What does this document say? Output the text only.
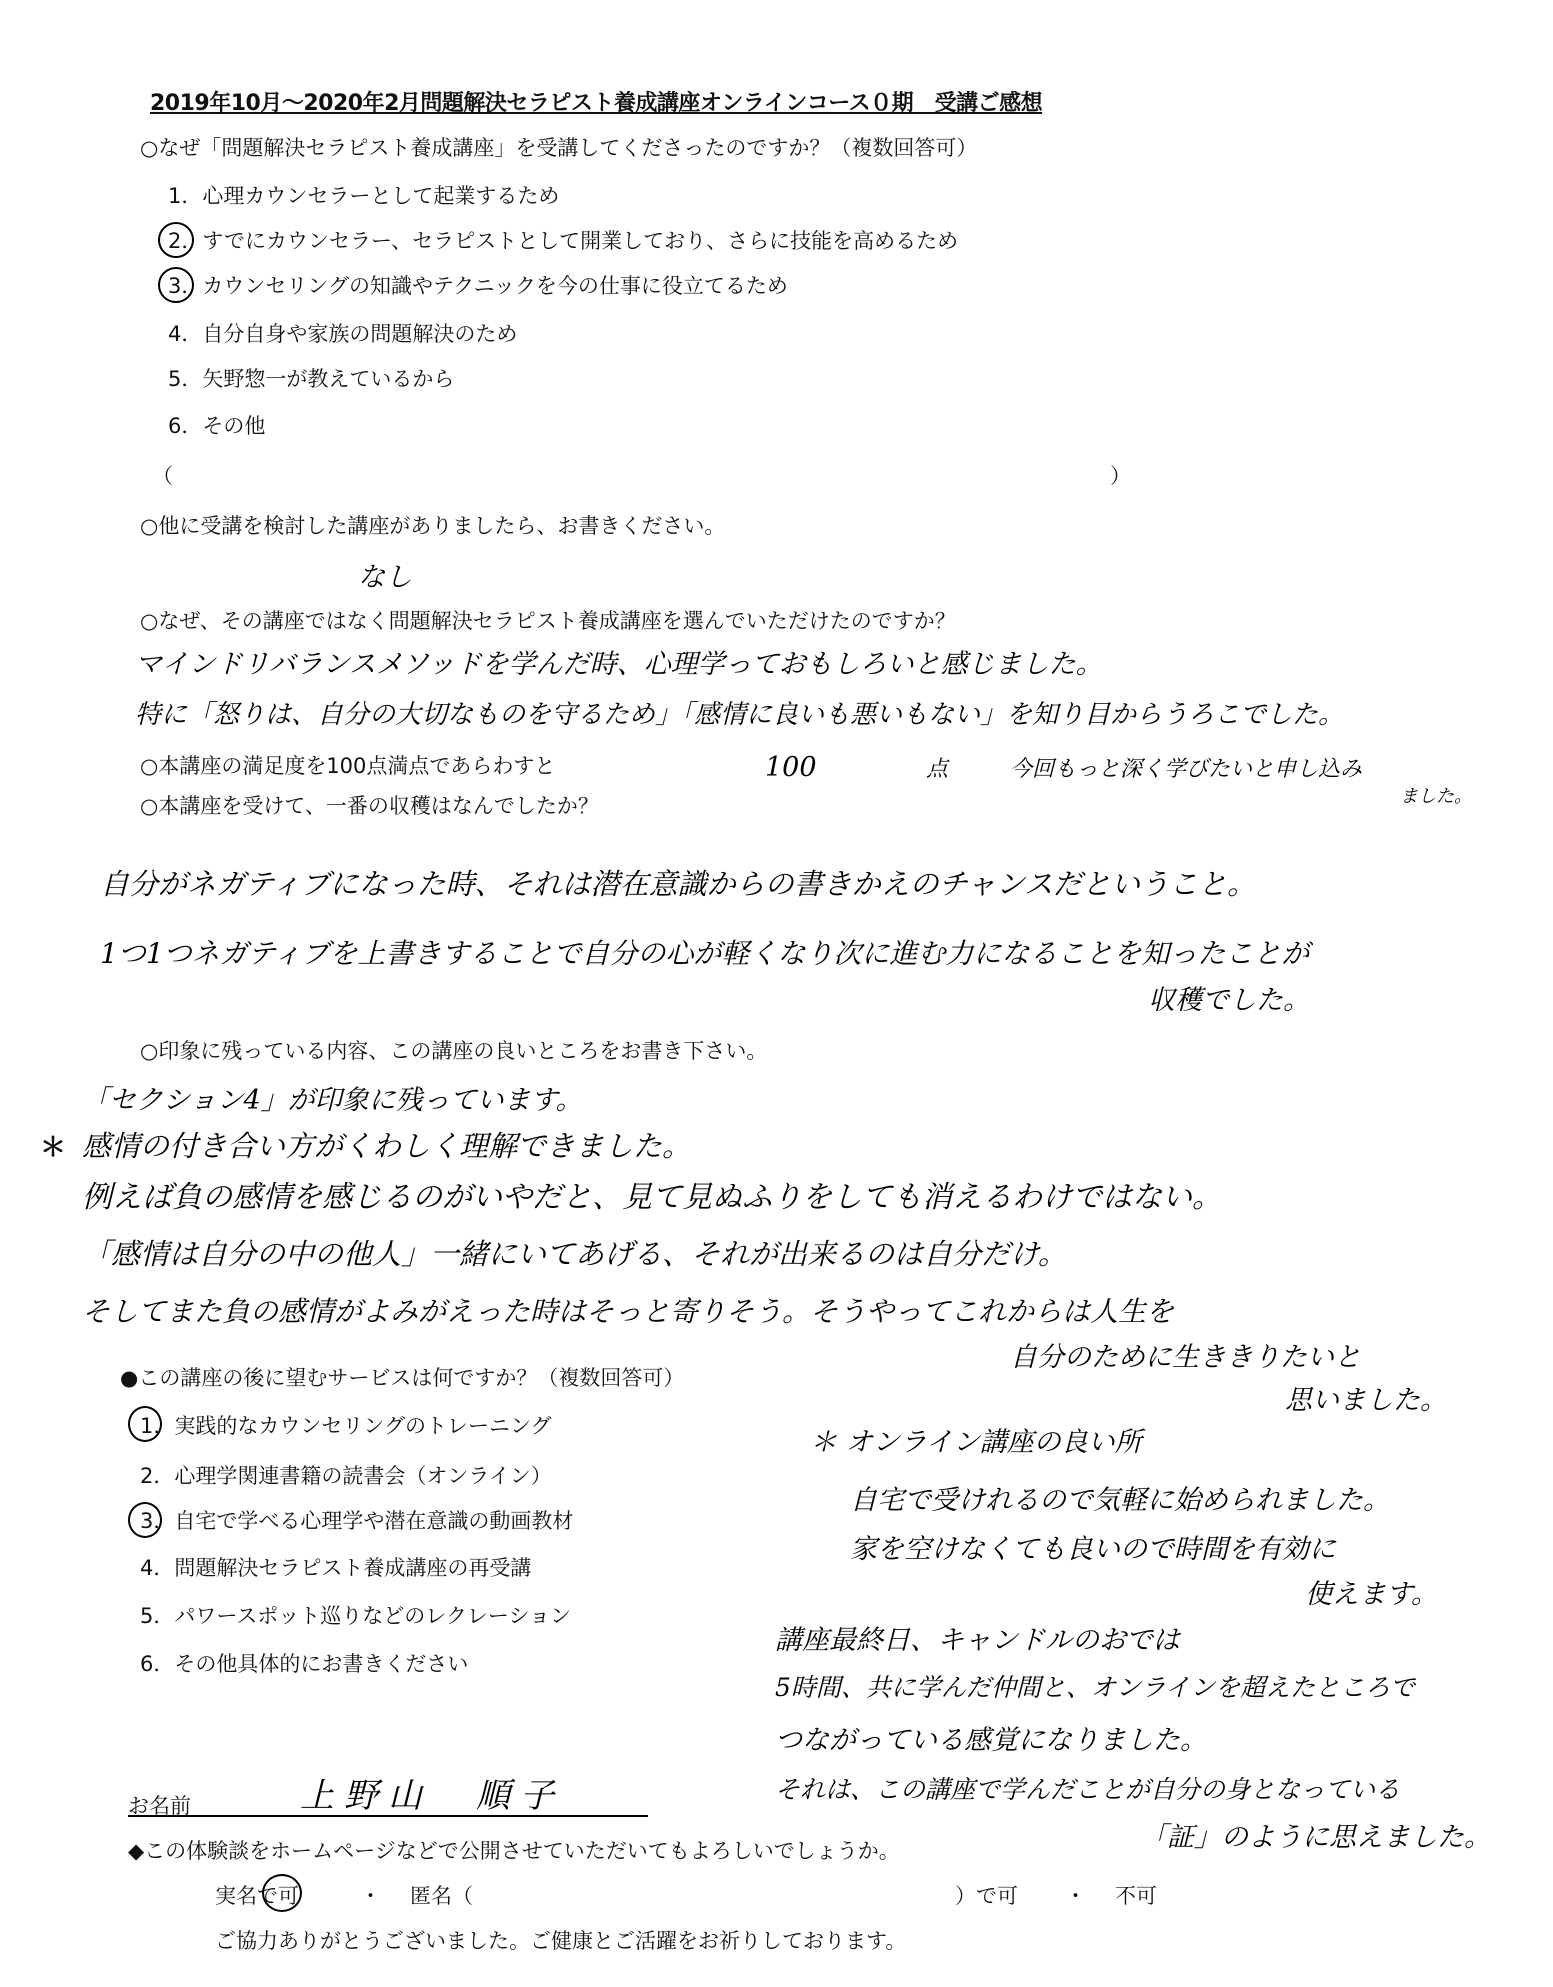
2019年10月～2020年2月問題解決セラピスト養成講座オンラインコース０期　受講ご感想
○なぜ「問題解決セラピスト養成講座」を受講してくださったのですか？（複数回答可）
1．心理カウンセラーとして起業するため
2．すでにカウンセラー、セラピストとして開業しており、さらに技能を高めるため
3．カウンセリングの知識やテクニックを今の仕事に役立てるため
4．自分自身や家族の問題解決のため
5．矢野惣一が教えているから
6．その他
（	）
○他に受講を検討した講座がありましたら、お書きください。
なし
○なぜ、その講座ではなく問題解決セラピスト養成講座を選んでいただけたのですか？
マインドリバランスメソッドを学んだ時、心理学っておもしろいと感じました。
特に「怒りは、自分の大切なものを守るため」「感情に良いも悪いもない」を知り目からうろこでした。
○本講座の満足度を100点満点であらわすと	100	点	今回もっと深く学びたいと申し込み
ました。
○本講座を受けて、一番の収穫はなんでしたか？
自分がネガティブになった時、それは潜在意識からの書きかえのチャンスだということ。
1つ1つネガティブを上書きすることで自分の心が軽くなり次に進む力になることを知ったことが
収穫でした。
○印象に残っている内容、この講座の良いところをお書き下さい。
「セクション4」が印象に残っています。
＊ 感情の付き合い方がくわしく理解できました。
例えば負の感情を感じるのがいやだと、見て見ぬふりをしても消えるわけではない。
「感情は自分の中の他人」一緒にいてあげる、それが出来るのは自分だけ。
そしてまた負の感情がよみがえった時はそっと寄りそう。そうやってこれからは人生を
自分のために生ききりたいと
思いました。
●この講座の後に望むサービスは何ですか？（複数回答可）
1．実践的なカウンセリングのトレーニング
2．心理学関連書籍の読書会（オンライン）
3．自宅で学べる心理学や潜在意識の動画教材
4．問題解決セラピスト養成講座の再受講
5．パワースポット巡りなどのレクレーション
6．その他具体的にお書きください
＊ オンライン講座の良い所
自宅で受けれるので気軽に始められました。
家を空けなくても良いので時間を有効に
使えます。
講座最終日、キャンドルのおでは
5時間、共に学んだ仲間と、オンラインを超えたところで
つながっている感覚になりました。
それは、この講座で学んだことが自分の身となっている
「証」のように思えました。
お名前	上野山　順子
◆この体験談をホームページなどで公開させていただいてもよろしいでしょうか。
実名で可	・ 匿名（	）で可 ・ 不可
ご協力ありがとうございました。ご健康とご活躍をお祈りしております。
